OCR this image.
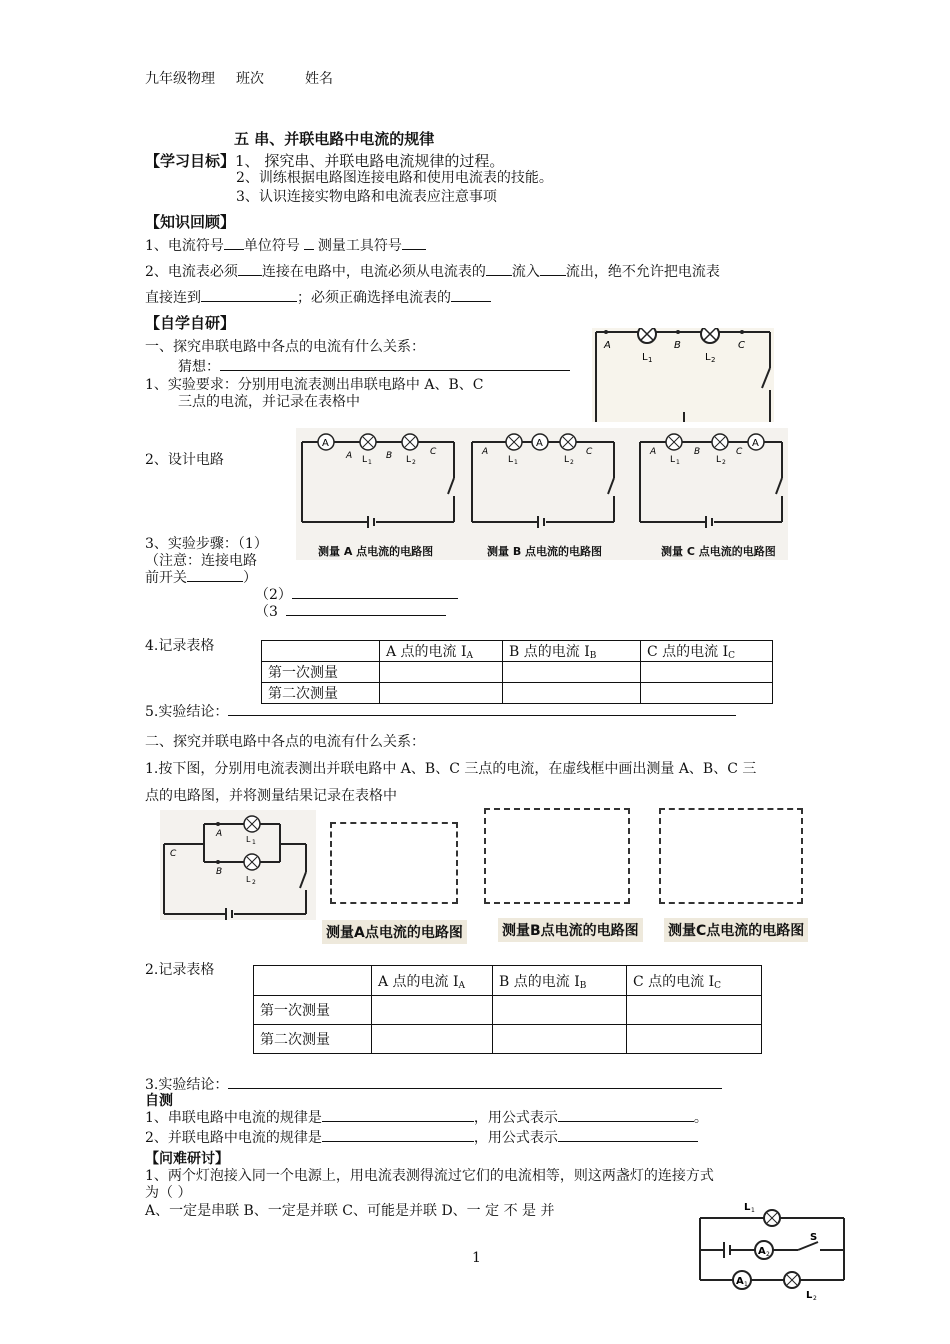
九年级物理 班次	姓名
五 串、并联电路中电流的规律
【学习目标】1、 探究串、并联电路电流规律的过程。
2、训练根据电路图连接电路和使用电流表的技能。
3、认识连接实物电路和电流表应注意事项
【知识回顾】
1、电流符号 单位符号 测量工具符号
2、电流表必须 连接在电路中，电流必须从电流表的 流入 流出，绝不允许把电流表
直接连到	；必须正确选择电流表的
【自学自研】
一、探究串联电路中各点的电流有什么关系：
猜想：
1、实验要求：分别用电流表测出串联电路中 A、B、C
三点的电流，并记录在表格中
A	B	C
L 1	L 2
2、设计电路
A
A	B	C
L 1	L 2
A
A	C
L 1	L 2
A
A	B	C
L 1	L 2
测量 A 点电流的电路图	测量 B 点电流的电路图	测量 C 点电流的电路图
3、实验步骤：（1）
（注意：连接电路
前开关	）
（2）
（3
4.记录表格
		A 点的电流 $I_A$	B 点的电流 $I_B$	C 点的电流 $I_C$
第一次测量			
第二次测量			
5.实验结论：
二、探究并联电路中各点的电流有什么关系：
1.按下图，分别用电流表测出并联电路中 A、B、C 三点的电流，在虚线框中画出测量 A、B、C 三
点的电路图，并将测量结果记录在表格中
A
B
C
L 1
L 2
测量A点电流的电路图	测量B点电流的电路图 测量C点电流的电路图
2.记录表格
	A 点的电流 $I_A$	B 点的电流 $I_B$	C 点的电流 $I_C$
第一次测量			
第二次测量			
3.实验结论：
自测
1、串联电路中电流的规律是	，用公式表示	。
2、并联电路中电流的规律是	，用公式表示
【问难研讨】
1、两个灯泡接入同一个电源上，用电流表测得流过它们的电流相等，则这两盏灯的连接方式
为（ ）
A、一定是串联 B、一定是并联 C、可能是并联 D、一 定 不 是 并
A 2
A 1
L 1
S
L 2
1
